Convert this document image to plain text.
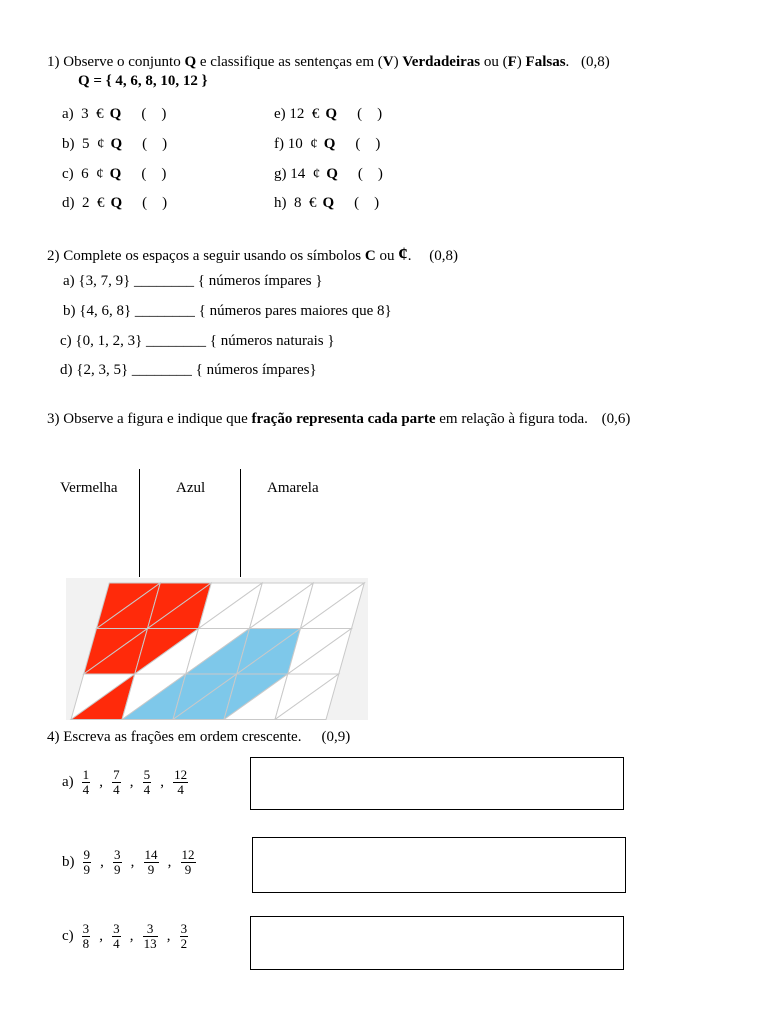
1) Observe o conjunto Q e classifique as sentenças em (V) Verdadeiras ou (F) Falsas. (0,8)
Q = { 4, 6, 8, 10, 12 }
a)  3  € Q (    )
b)  5  ¢ Q (    )
c)  6  ¢ Q (    )
d)  2  € Q (    )
e) 12  € Q (    )
f) 10  ¢ Q (    )
g) 14  ¢ Q (    )
h)  8  € Q (    )
2) Complete os espaços a seguir usando os símbolos C ou ¢. (0,8)
a) {3, 7, 9} ________ { números ímpares }
b) {4, 6, 8} ________ { números pares maiores que 8}
c) {0, 1, 2, 3} ________ { números naturais }
d) {2, 3, 5} ________ { números ímpares}
3) Observe a figura e indique que fração representa cada parte em relação à figura toda. (0,6)
Vermelha	Azul	Amarela
4) Escreva as frações em ordem crescente. (0,9)
$a) \frac{1}{4}$ , $\frac{7}{4}$ , $\frac{5}{4}$ , $\frac{12}{4}$
$b) \frac{9}{9}$ , $\frac{3}{9}$ , $\frac{14}{9}$ , $\frac{12}{9}$
$c) \frac{3}{8}$ , $\frac{3}{4}$ , $\frac{3}{13}$ , $\frac{3}{2}$
